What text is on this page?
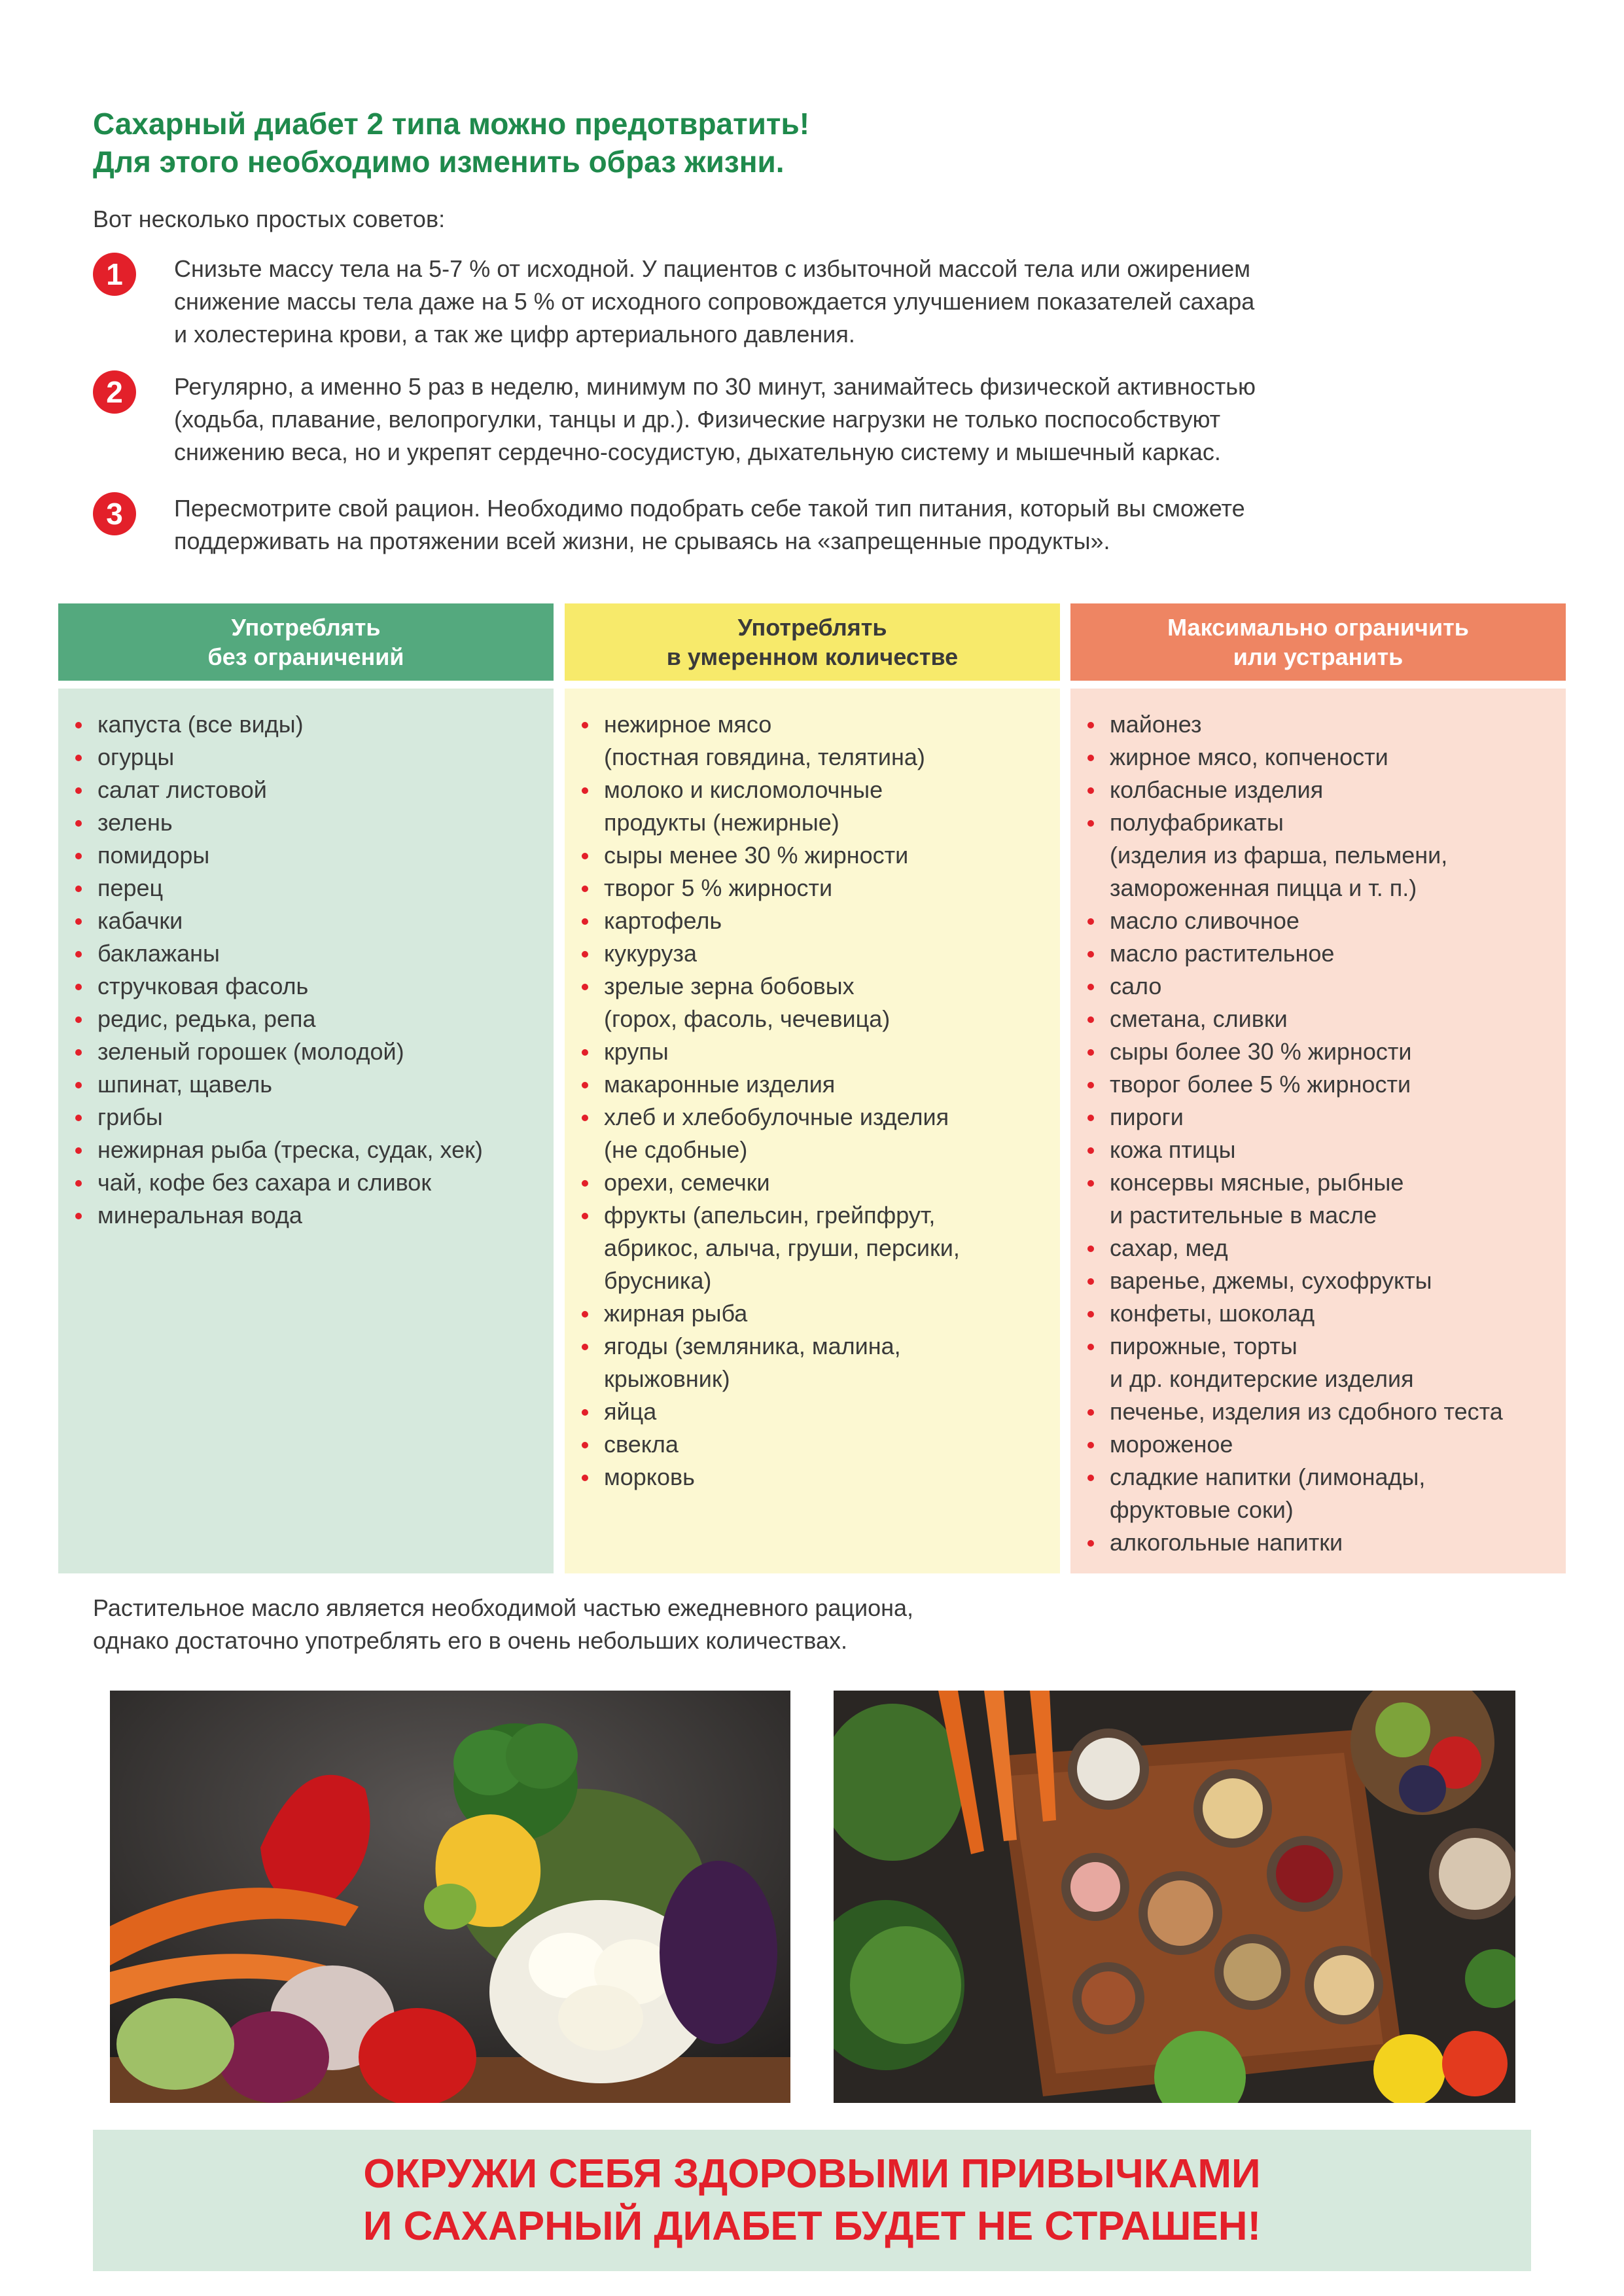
Сахарный диабет 2 типа можно предотвратить!
Для этого необходимо изменить образ жизни.
Вот несколько простых советов:
1	Снизьте массу тела на 5-7 % от исходной. У пациентов с избыточной массой тела или ожирением
снижение массы тела даже на 5 % от исходного сопровождается улучшением показателей сахара
и холестерина крови, а так же цифр артериального давления.
2	Регулярно, а именно 5 раз в неделю, минимум по 30 минут, занимайтесь физической активностью
(ходьба, плавание, велопрогулки, танцы и др.). Физические нагрузки не только поспособствуют
снижению веса, но и укрепят сердечно-сосудистую, дыхательную систему и мышечный каркас.
3	Пересмотрите свой рацион. Необходимо подобрать себе такой тип питания, который вы сможете
поддерживать на протяжении всей жизни, не срываясь на «запрещенные продукты».
Употреблять
без ограничений
капуста (все виды)
огурцы
салат листовой
зелень
помидоры
перец
кабачки
баклажаны
стручковая фасоль
редис, редька, репа
зеленый горошек (молодой)
шпинат, щавель
грибы
нежирная рыба (треска, судак, хек)
чай, кофе без сахара и сливок
минеральная вода
Употреблять
в умеренном количестве
нежирное мясо
(постная говядина, телятина)
молоко и кисломолочные
продукты (нежирные)
сыры менее 30 % жирности
творог 5 % жирности
картофель
кукуруза
зрелые зерна бобовых
(горох, фасоль, чечевица)
крупы
макаронные изделия
хлеб и хлебобулочные изделия
(не сдобные)
орехи, семечки
фрукты (апельсин, грейпфрут,
абрикос, алыча, груши, персики,
брусника)
жирная рыба
ягоды (земляника, малина,
крыжовник)
яйца
свекла
морковь
Максимально ограничить
или устранить
майонез
жирное мясо, копчености
колбасные изделия
полуфабрикаты
(изделия из фарша, пельмени,
замороженная пицца и т. п.)
масло сливочное
масло растительное
сало
сметана, сливки
сыры более 30 % жирности
творог более 5 % жирности
пироги
кожа птицы
консервы мясные, рыбные
и растительные в масле
сахар, мед
варенье, джемы, сухофрукты
конфеты, шоколад
пирожные, торты
и др. кондитерские изделия
печенье, изделия из сдобного теста
мороженое
сладкие напитки (лимонады,
фруктовые соки)
алкогольные напитки
Растительное масло является необходимой частью ежедневного рациона,
однако достаточно употреблять его в очень небольших количествах.
ОКРУЖИ СЕБЯ ЗДОРОВЫМИ ПРИВЫЧКАМИ
И САХАРНЫЙ ДИАБЕТ БУДЕТ НЕ СТРАШЕН!
